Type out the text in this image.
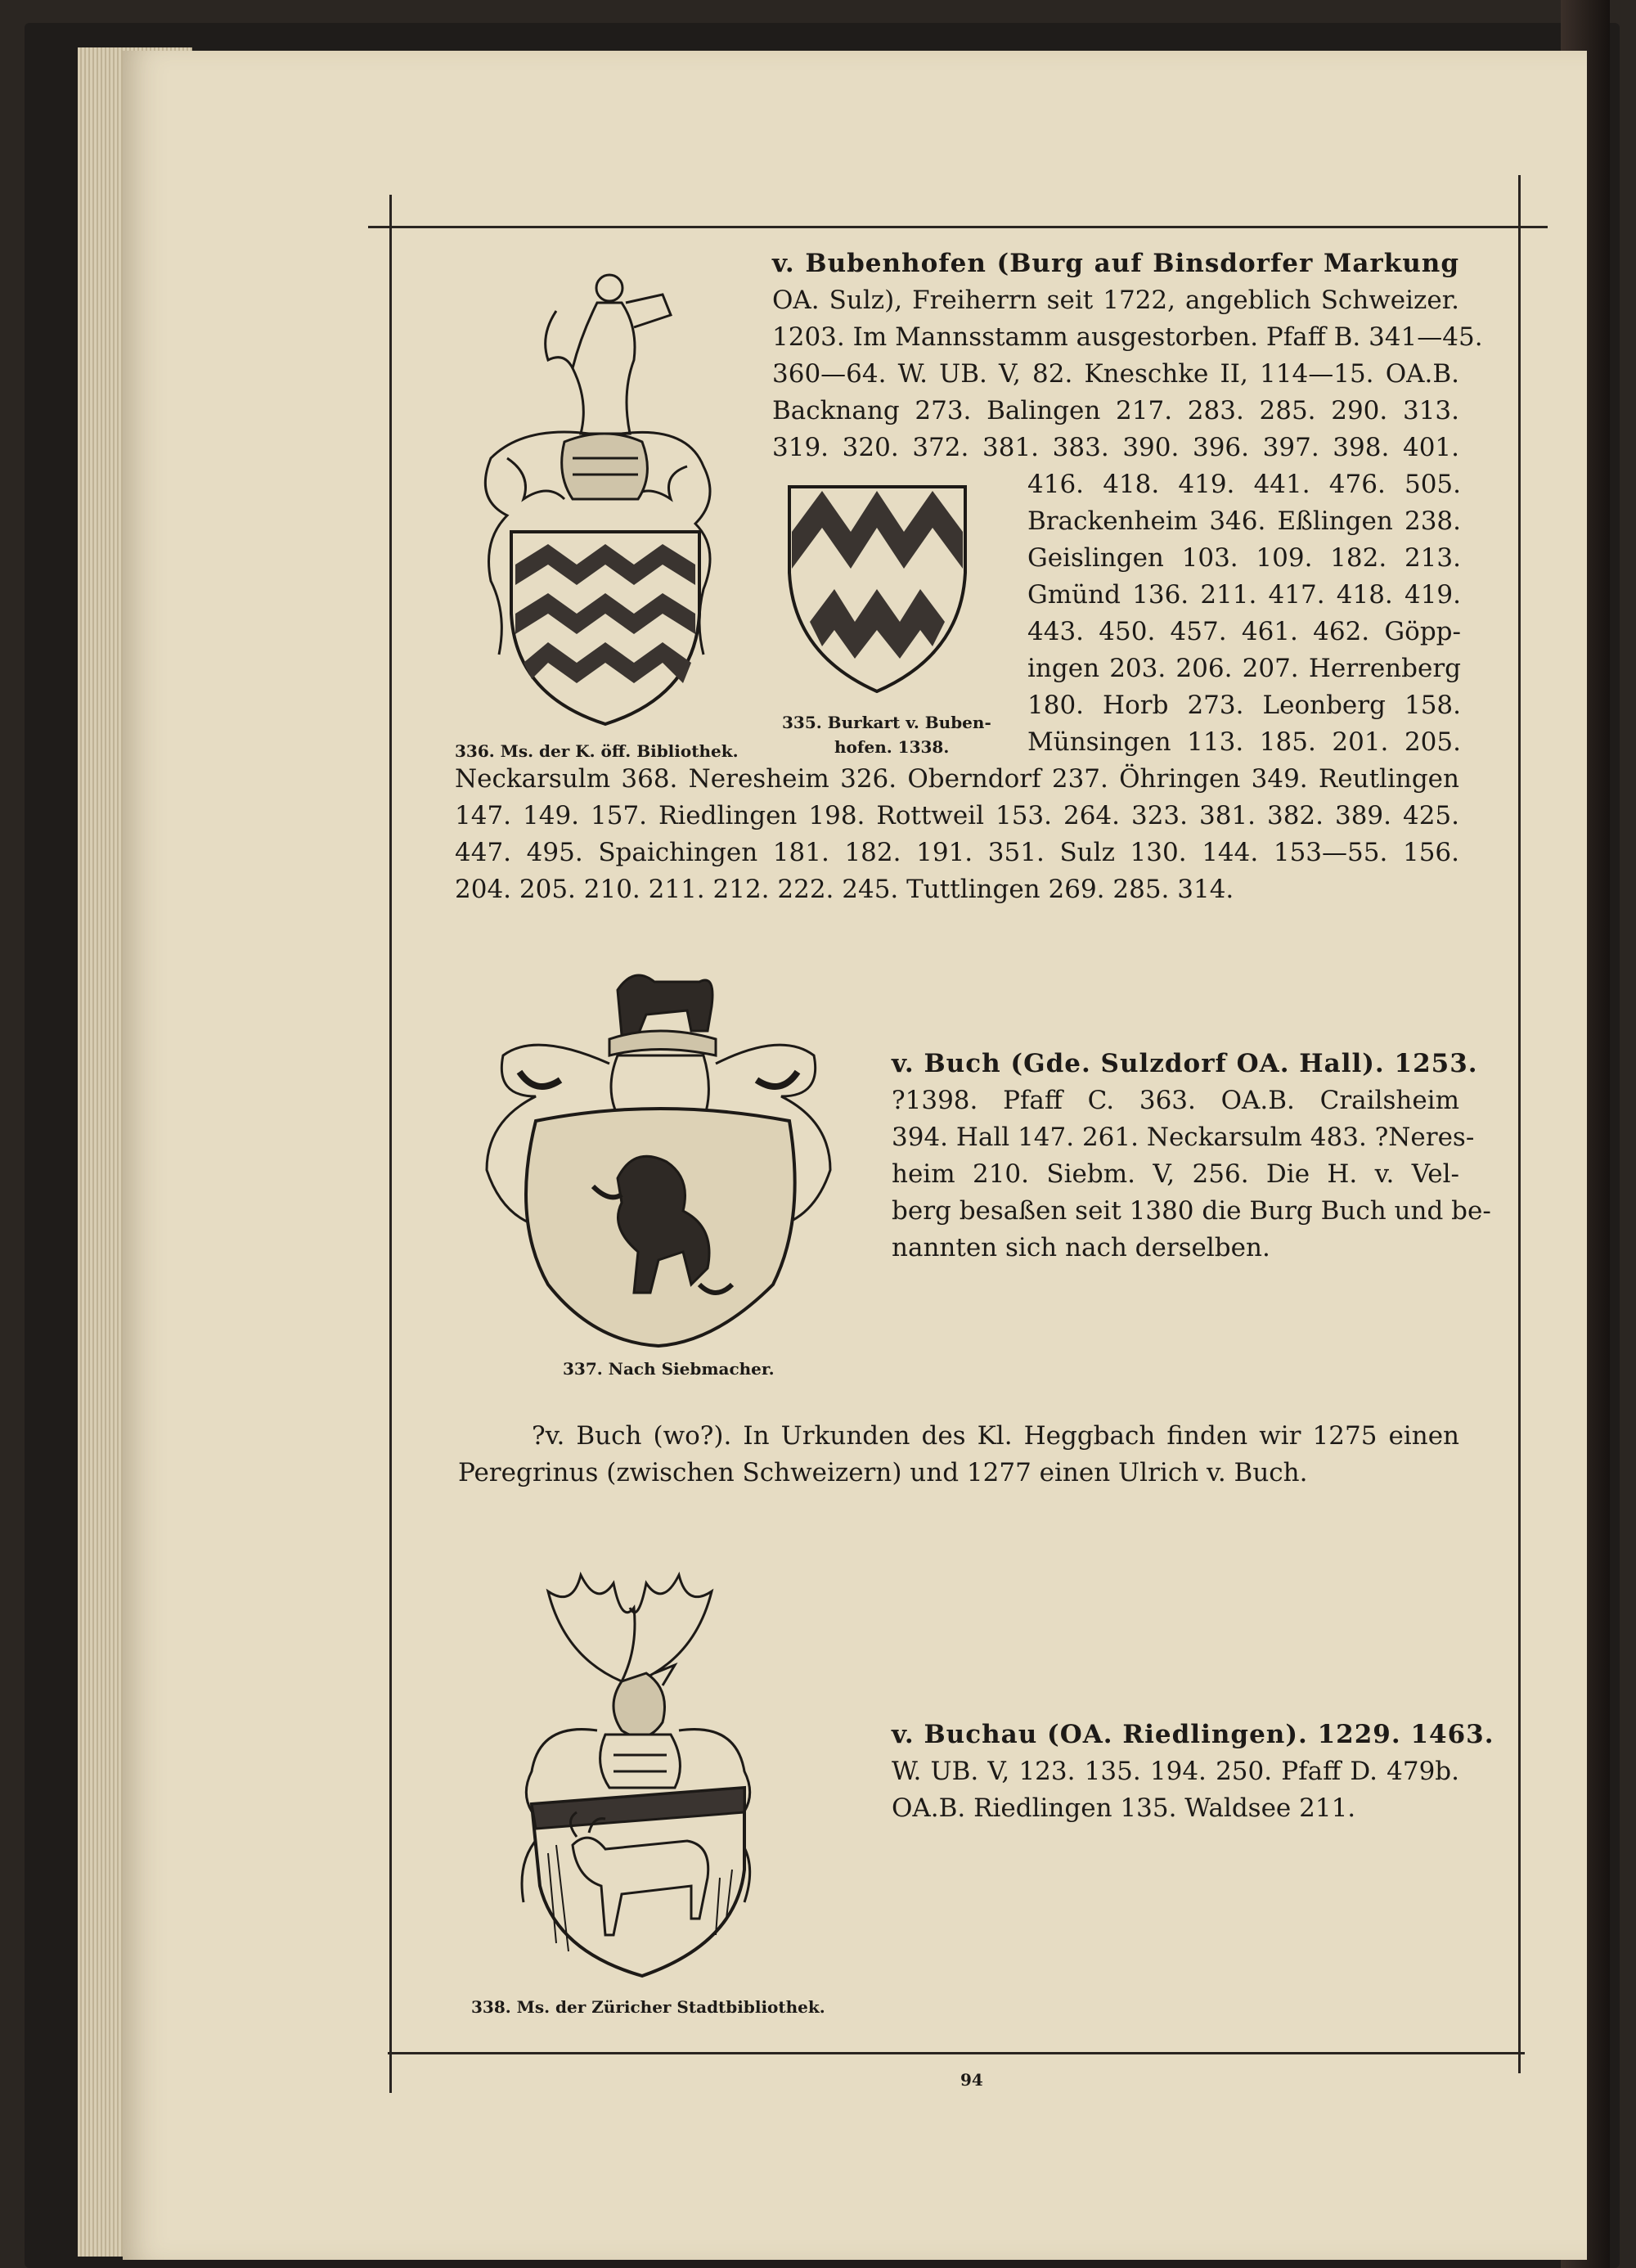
336. Ms. der K. öff. Bibliothek.
335. Burkart v. Buben-
hofen. 1338.
v. Bubenhofen (Burg auf Binsdorfer Markung
OA. Sulz), Freiherrn seit 1722, angeblich Schweizer.
1203. Im Mannsstamm ausgestorben. Pfaff B. 341—45.
360—64. W. UB. V, 82. Kneschke II, 114—15. OA.B.
Backnang 273. Balingen 217. 283. 285. 290. 313.
319. 320. 372. 381. 383. 390. 396. 397. 398. 401.
416. 418. 419. 441. 476. 505.
Brackenheim 346. Eßlingen 238.
Geislingen 103. 109. 182. 213.
Gmünd 136. 211. 417. 418. 419.
443. 450. 457. 461. 462. Göpp-
ingen 203. 206. 207. Herrenberg
180. Horb 273. Leonberg 158.
Münsingen 113. 185. 201. 205.
Neckarsulm 368. Neresheim 326. Oberndorf 237. Öhringen 349. Reutlingen
147. 149. 157. Riedlingen 198. Rottweil 153. 264. 323. 381. 382. 389. 425.
447. 495. Spaichingen 181. 182. 191. 351. Sulz 130. 144. 153—55. 156.
204. 205. 210. 211. 212. 222. 245. Tuttlingen 269. 285. 314.
337. Nach Siebmacher.
v. Buch (Gde. Sulzdorf OA. Hall). 1253.
?1398. Pfaff C. 363. OA.B. Crailsheim
394. Hall 147. 261. Neckarsulm 483. ?Neres-
heim 210. Siebm. V, 256. Die H. v. Vel-
berg besaßen seit 1380 die Burg Buch und be-
nannten sich nach derselben.
?v. Buch (wo?). In Urkunden des Kl. Heggbach finden wir 1275 einen
Peregrinus (zwischen Schweizern) und 1277 einen Ulrich v. Buch.
338. Ms. der Züricher Stadtbibliothek.
v. Buchau (OA. Riedlingen). 1229. 1463.
W. UB. V, 123. 135. 194. 250. Pfaff D. 479b.
OA.B. Riedlingen 135. Waldsee 211.
94
